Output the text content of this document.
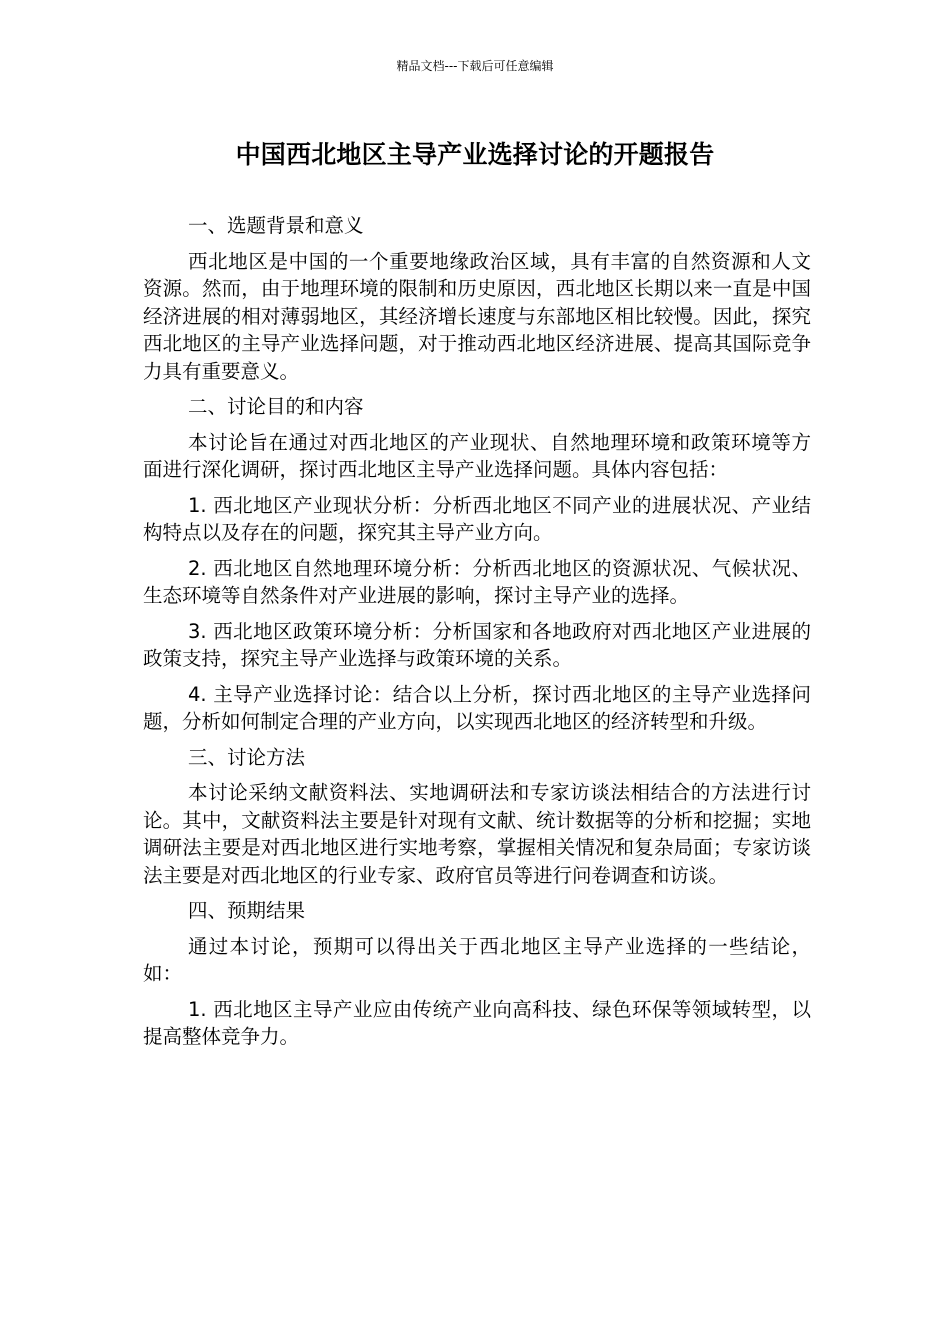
精品文档---下载后可任意编辑
中国西北地区主导产业选择讨论的开题报告

一、选题背景和意义

西北地区是中国的一个重要地缘政治区域，具有丰富的自然资源和人文资源。然而，由于地理环境的限制和历史原因，西北地区长期以来一直是中国经济进展的相对薄弱地区，其经济增长速度与东部地区相比较慢。因此，探究西北地区的主导产业选择问题，对于推动西北地区经济进展、提高其国际竞争力具有重要意义。

二、讨论目的和内容

本讨论旨在通过对西北地区的产业现状、自然地理环境和政策环境等方面进行深化调研，探讨西北地区主导产业选择问题。具体内容包括：

1. 西北地区产业现状分析：分析西北地区不同产业的进展状况、产业结构特点以及存在的问题，探究其主导产业方向。

2. 西北地区自然地理环境分析：分析西北地区的资源状况、气候状况、生态环境等自然条件对产业进展的影响，探讨主导产业的选择。

3. 西北地区政策环境分析：分析国家和各地政府对西北地区产业进展的政策支持，探究主导产业选择与政策环境的关系。

4. 主导产业选择讨论：结合以上分析，探讨西北地区的主导产业选择问题，分析如何制定合理的产业方向，以实现西北地区的经济转型和升级。

三、讨论方法

本讨论采纳文献资料法、实地调研法和专家访谈法相结合的方法进行讨论。其中，文献资料法主要是针对现有文献、统计数据等的分析和挖掘；实地调研法主要是对西北地区进行实地考察，掌握相关情况和复杂局面；专家访谈法主要是对西北地区的行业专家、政府官员等进行问卷调查和访谈。

四、预期结果

通过本讨论，预期可以得出关于西北地区主导产业选择的一些结论，如：

1. 西北地区主导产业应由传统产业向高科技、绿色环保等领域转型，以提高整体竞争力。
